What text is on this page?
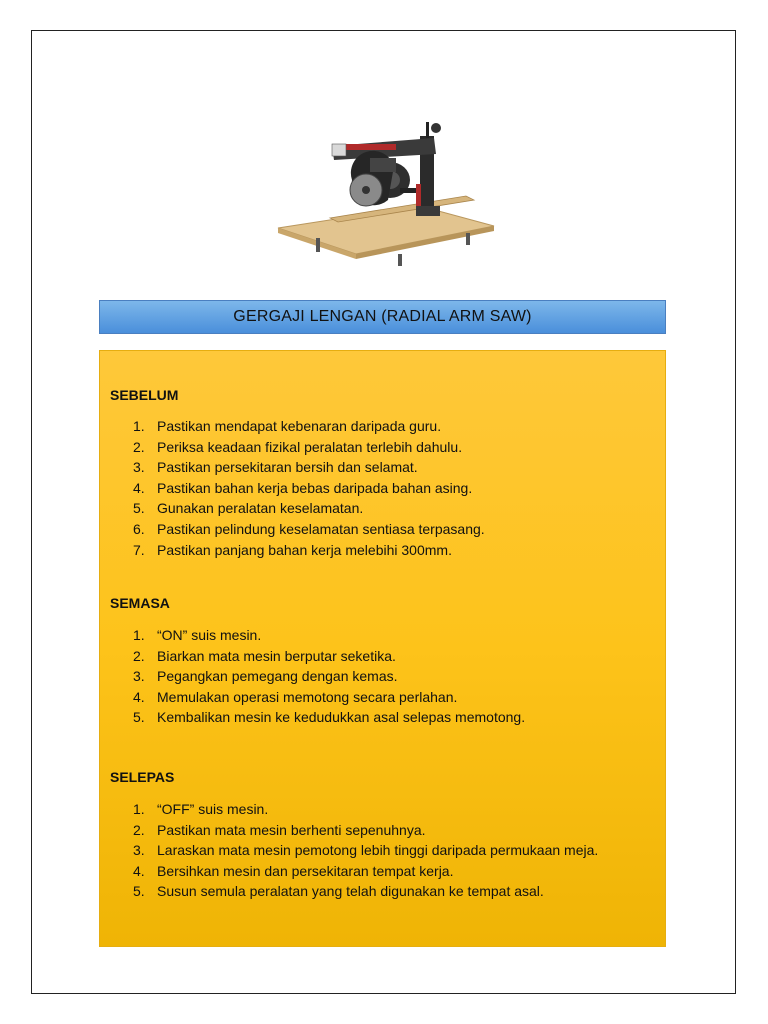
GERGAJI LENGAN (RADIAL ARM SAW)
SEBELUM
1. Pastikan mendapat kebenaran daripada guru.
2. Periksa keadaan fizikal peralatan terlebih dahulu.
3. Pastikan persekitaran bersih dan selamat.
4. Pastikan bahan kerja bebas daripada bahan asing.
5. Gunakan peralatan keselamatan.
6. Pastikan pelindung keselamatan sentiasa terpasang.
7. Pastikan panjang bahan kerja melebihi 300mm.
SEMASA
1. “ON” suis mesin.
2. Biarkan mata mesin berputar seketika.
3. Pegangkan pemegang dengan kemas.
4. Memulakan operasi memotong secara perlahan.
5. Kembalikan mesin ke kedudukkan asal selepas memotong.
SELEPAS
1. “OFF” suis mesin.
2. Pastikan mata mesin berhenti sepenuhnya.
3. Laraskan mata mesin pemotong lebih tinggi daripada permukaan meja.
4. Bersihkan mesin dan persekitaran tempat kerja.
5. Susun semula peralatan yang telah digunakan ke tempat asal.
